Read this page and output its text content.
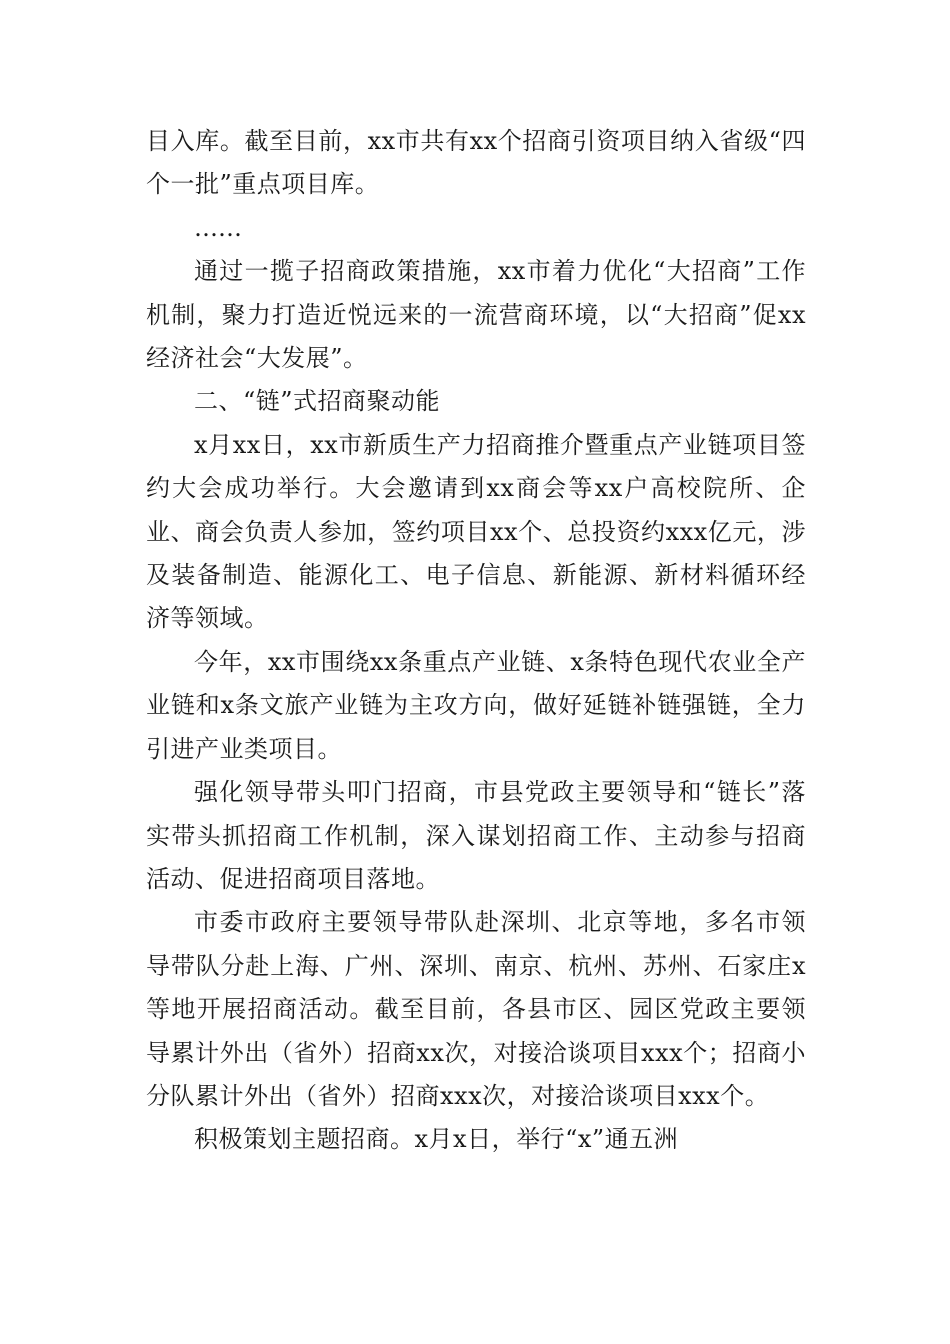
目入库。截至目前，xx市共有xx个招商引资项目纳入省级“四个一批”重点项目库。

……

通过一揽子招商政策措施，xx市着力优化“大招商”工作机制，聚力打造近悦远来的一流营商环境，以“大招商”促xx经济社会“大发展”。

二、“链”式招商聚动能

x月xx日，xx市新质生产力招商推介暨重点产业链项目签约大会成功举行。大会邀请到xx商会等xx户高校院所、企业、商会负责人参加，签约项目xx个、总投资约xxx亿元，涉及装备制造、能源化工、电子信息、新能源、新材料循环经济等领域。

今年，xx市围绕xx条重点产业链、x条特色现代农业全产业链和x条文旅产业链为主攻方向，做好延链补链强链，全力引进产业类项目。

强化领导带头叩门招商，市县党政主要领导和“链长”落实带头抓招商工作机制，深入谋划招商工作、主动参与招商活动、促进招商项目落地。

市委市政府主要领导带队赴深圳、北京等地，多名市领导带队分赴上海、广州、深圳、南京、杭州、苏州、石家庄x等地开展招商活动。截至目前，各县市区、园区党政主要领导累计外出（省外）招商xx次，对接洽谈项目xxx个；招商小分队累计外出（省外）招商xxx次，对接洽谈项目xxx个。

积极策划主题招商。x月x日，举行“x”通五洲
